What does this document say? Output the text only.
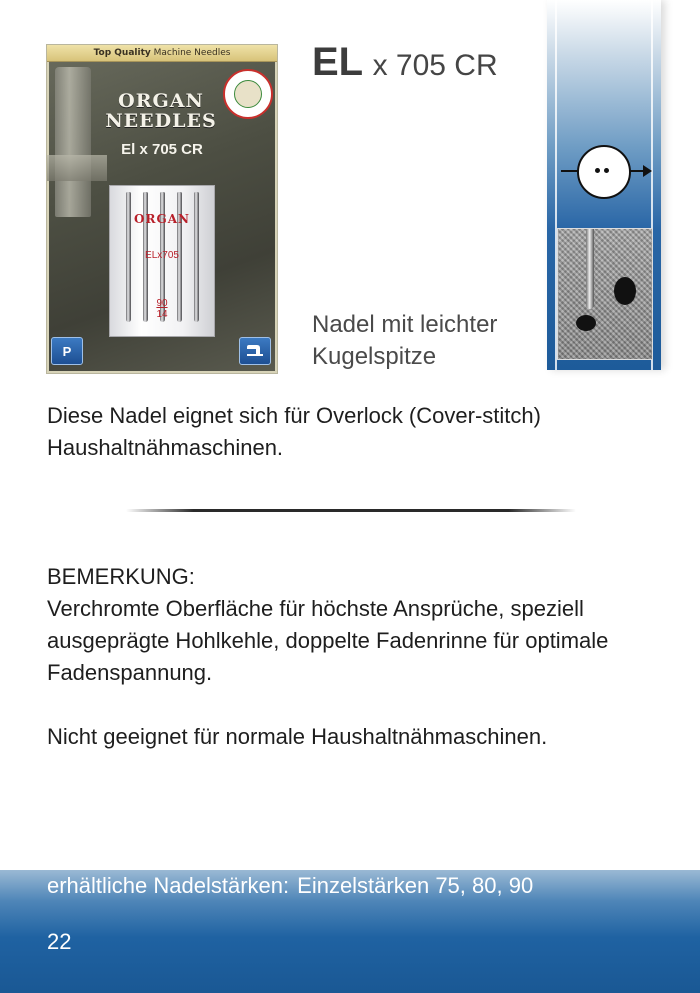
Top Quality Machine Needles
ORGAN
NEEDLES
El x 705 CR
ORGAN
ELx705
90
14
P
EL x 705 CR
Nadel mit leichter Kugelspitze
Diese Nadel eignet sich für Overlock (Cover-stitch) Haushaltnähmaschinen.
BEMERKUNG:
Verchromte Oberfläche für höchste Ansprüche, speziell ausgeprägte Hohlkehle, doppelte Fadenrinne für optimale Fadenspannung.
Nicht geeignet für normale Haushaltnähmaschinen.
erhältliche Nadelstärken: Einzelstärken 75, 80, 90
22
